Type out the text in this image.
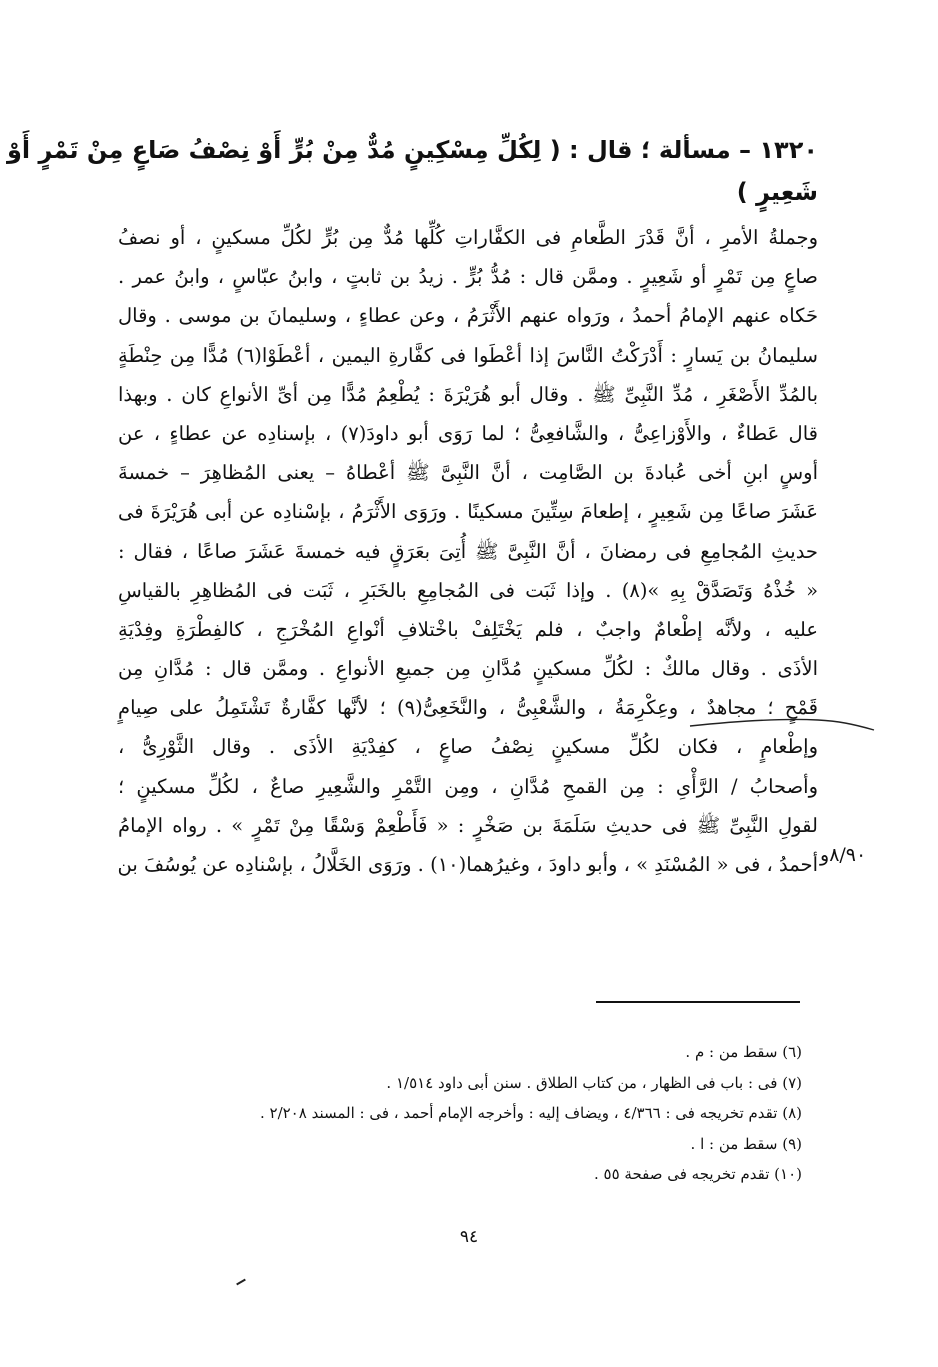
١٣٢٠ – مسألة ؛ قال : ( لِكُلِّ مِسْكِينٍ مُدٌّ مِنْ بُرٍّ أَوْ نِصْفُ صَاعٍ مِنْ تَمْرٍ أَوْ
شَعِيرٍ )
وجملةُ الأمرِ ، أنَّ قَدْرَ الطَّعامِ فى الكفَّاراتِ كُلِّها مُدٌّ مِن بُرٍّ لكُلِّ مسكينٍ ، أو نصفُ
صاعٍ مِن تَمْرٍ أو شَعِيرٍ . وممَّن قال : مُدُّ بُرٍّ . زيدُ بن ثابتٍ ، وابنُ عبّاسٍ ، وابنُ عمر .
حَكاه عنهم الإمامُ أحمدُ ، ورَواه عنهم الأَثْرَمُ ، وعن عطاءٍ ، وسليمانَ بن موسى . وقال
سليمانُ بن يَسارٍ : أَدْرَكْتُ النَّاسَ إذا أعْطَوا فى كفَّارةِ اليمين ، أعْطَوْا(٦) مُدًّا مِن حِنْطَةٍ
بالمُدِّ الأَصْغَرِ ، مُدِّ النَّبِىِّ ﷺ . وقال أبو هُرَيْرَةَ : يُطْعِمُ مُدًّا مِن أىِّ الأنواعِ كان . وبهذا
قال عَطاءٌ ، والأَوْزاعِىُّ ، والشَّافعِىُّ ؛ لما رَوَى أبو داودَ(٧) ، بإسنادِه عن عطاءٍ ، عن
أوسٍ ابنِ أخى عُبادةَ بن الصَّامِت ، أنَّ النَّبِىَّ ﷺ أعْطاهُ – يعنى المُظاهِرَ – خمسةَ
عَشَرَ صاعًا مِن شَعِيرٍ ، إطعامَ سِتِّينَ مسكينًا . ورَوَى الأَثْرَمُ ، بإسْنادِه عن أبى هُرَيْرَةَ فى
حديثِ المُجامِعِ فى رمضانَ ، أنَّ النَّبِىَّ ﷺ أُتِىَ بعَرَقٍ فيه خمسةَ عَشَرَ صاعًا ، فقال :
« خُذْهُ وَتَصَدَّقْ بِهِ »(٨) . وإذا ثَبَت فى المُجامِعِ بالخَبَرِ ، ثَبَت فى المُظاهِرِ بالقياسِ
عليه ، ولأنَّه إطْعامٌ واجبٌ ، فلم يَخْتَلِفْ باخْتلافِ أنْواعِ المُخْرَجِ ، كالفِطْرَةِ وفِدْيَةِ
الأذَى . وقال مالكٌ : لكُلِّ مسكينٍ مُدَّانِ مِن جميعِ الأنواعِ . وممَّن قال : مُدَّانِ مِن
قَمْحٍ ؛ مجاهدٌ ، وعِكْرِمَةُ ، والشَّعْبِىُّ ، والنَّخَعِىُّ(٩) ؛ لأنَّها كفَّارةٌ تَشْتَمِلُ على صِيامٍ
وإطْعامٍ ، فكان لكُلِّ مسكينٍ نِصْفُ صاعٍ ، كفِدْيَةِ الأذَى . وقال الثَّوْرِىُّ ،
وأصحابُ / الرَّأْىِ : مِن القمحِ مُدَّانِ ، ومِن التَّمْرِ والشَّعِيرِ صاعٌ ، لكُلِّ مسكينٍ ؛
لقولِ النَّبِىِّ ﷺ فى حديثِ سَلَمَةَ بن صَخْرٍ : « فَأَطْعِمْ وَسْقًا مِنْ تَمْرٍ » . رواه الإمامُ
أحمدُ ، فى « المُسْنَدِ » ، وأبو داودَ ، وغيرُهما(١٠) . ورَوَى الخَلَّالُ ، بإسْنادِه عن يُوسُفَ بن ٨/٩٠و
(٦) سقط من : م .
(٧) فى : باب فى الظهار ، من كتاب الطلاق . سنن أبى داود ١/٥١٤ .
(٨) تقدم تخريجه فى : ٤/٣٦٦ ، ويضاف إليه : وأخرجه الإمام أحمد ، فى : المسند ٢/٢٠٨ .
(٩) سقط من : ا .
(١٠) تقدم تخريجه فى صفحة ٥٥ .
٩٤
